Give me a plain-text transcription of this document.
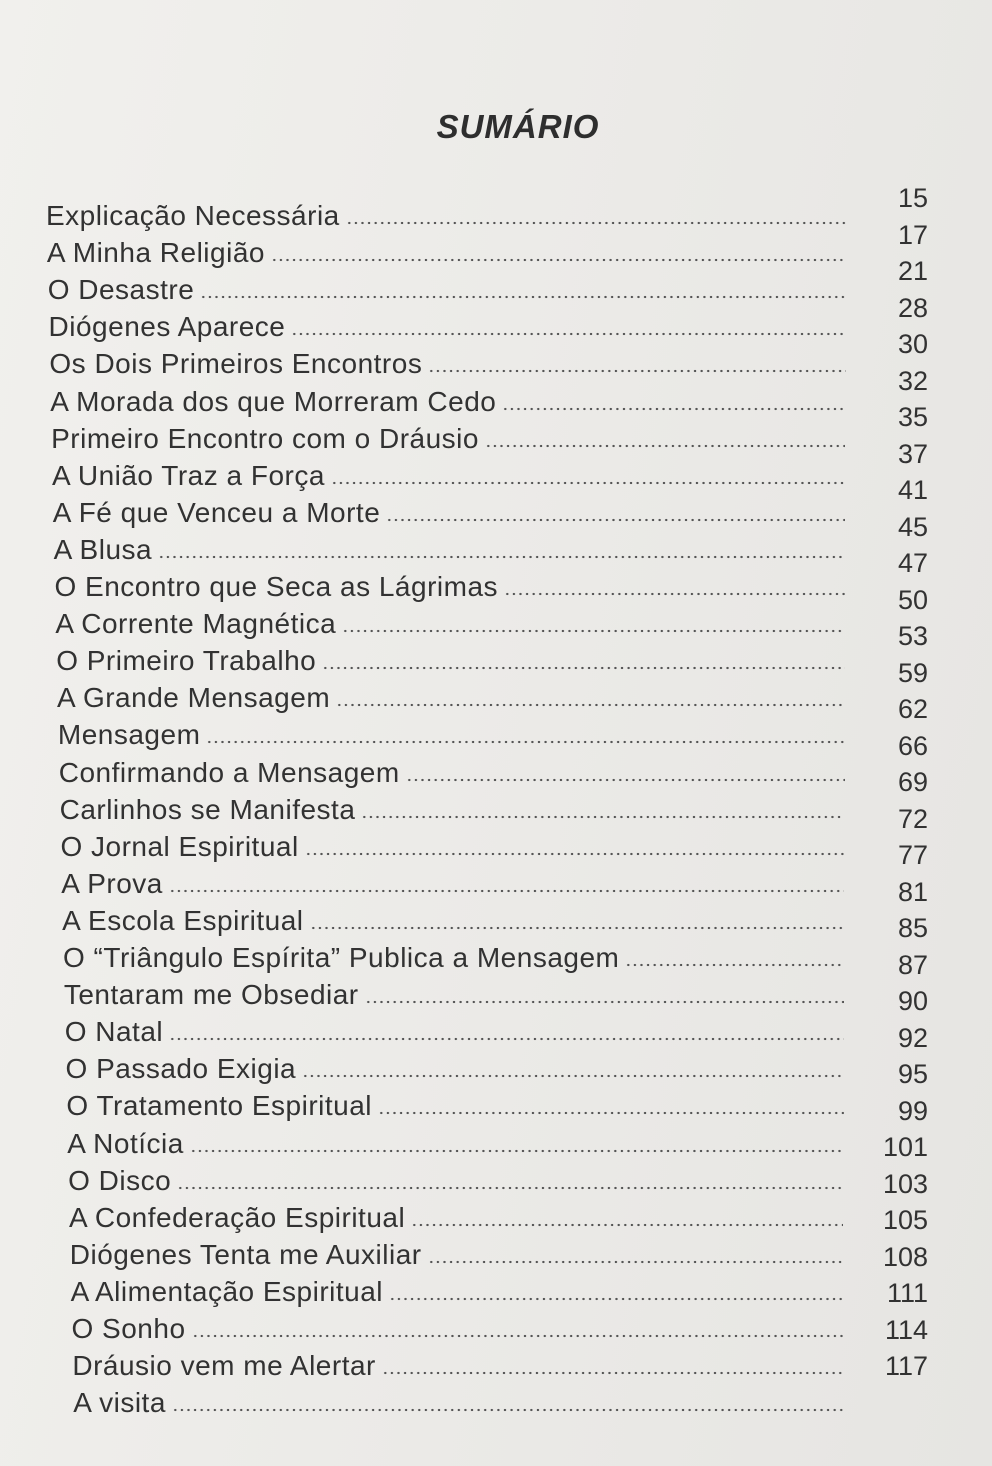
SUMÁRIO
Explicação Necessária
15
A Minha Religião
17
O Desastre
21
Diógenes Aparece
28
Os Dois Primeiros Encontros
30
A Morada dos que Morreram Cedo
32
Primeiro Encontro com o Dráusio
35
A União Traz a Força
37
A Fé que Venceu a Morte
41
A Blusa
45
O Encontro que Seca as Lágrimas
47
A Corrente Magnética
50
O Primeiro Trabalho
53
A Grande Mensagem
59
Mensagem
62
Confirmando a Mensagem
66
Carlinhos se Manifesta
69
O Jornal Espiritual
72
A Prova
77
A Escola Espiritual
81
O “Triângulo Espírita” Publica a Mensagem
85
Tentaram me Obsediar
87
O Natal
90
O Passado Exigia
92
O Tratamento Espiritual
95
A Notícia
99
O Disco
101
A Confederação Espiritual
103
Diógenes Tenta me Auxiliar
105
A Alimentação Espiritual
108
O Sonho
111
Dráusio vem me Alertar
114
A visita
117
